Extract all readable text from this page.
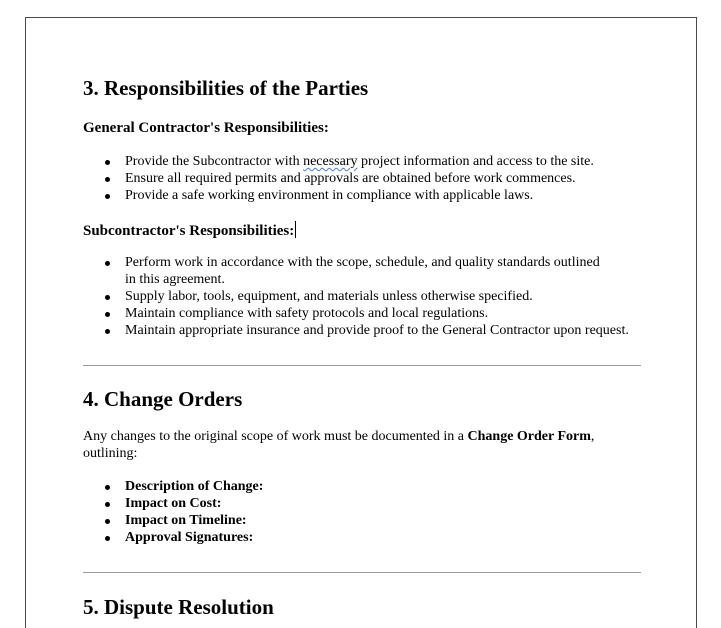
3. Responsibilities of the Parties
General Contractor's Responsibilities:
Provide the Subcontractor with necessary project information and access to the site.
Ensure all required permits and approvals are obtained before work commences.
Provide a safe working environment in compliance with applicable laws.
Subcontractor's Responsibilities:
Perform work in accordance with the scope, schedule, and quality standards outlined in this agreement.
Supply labor, tools, equipment, and materials unless otherwise specified.
Maintain compliance with safety protocols and local regulations.
Maintain appropriate insurance and provide proof to the General Contractor upon request.
4. Change Orders
Any changes to the original scope of work must be documented in a Change Order Form, outlining:
Description of Change:
Impact on Cost:
Impact on Timeline:
Approval Signatures:
5. Dispute Resolution
